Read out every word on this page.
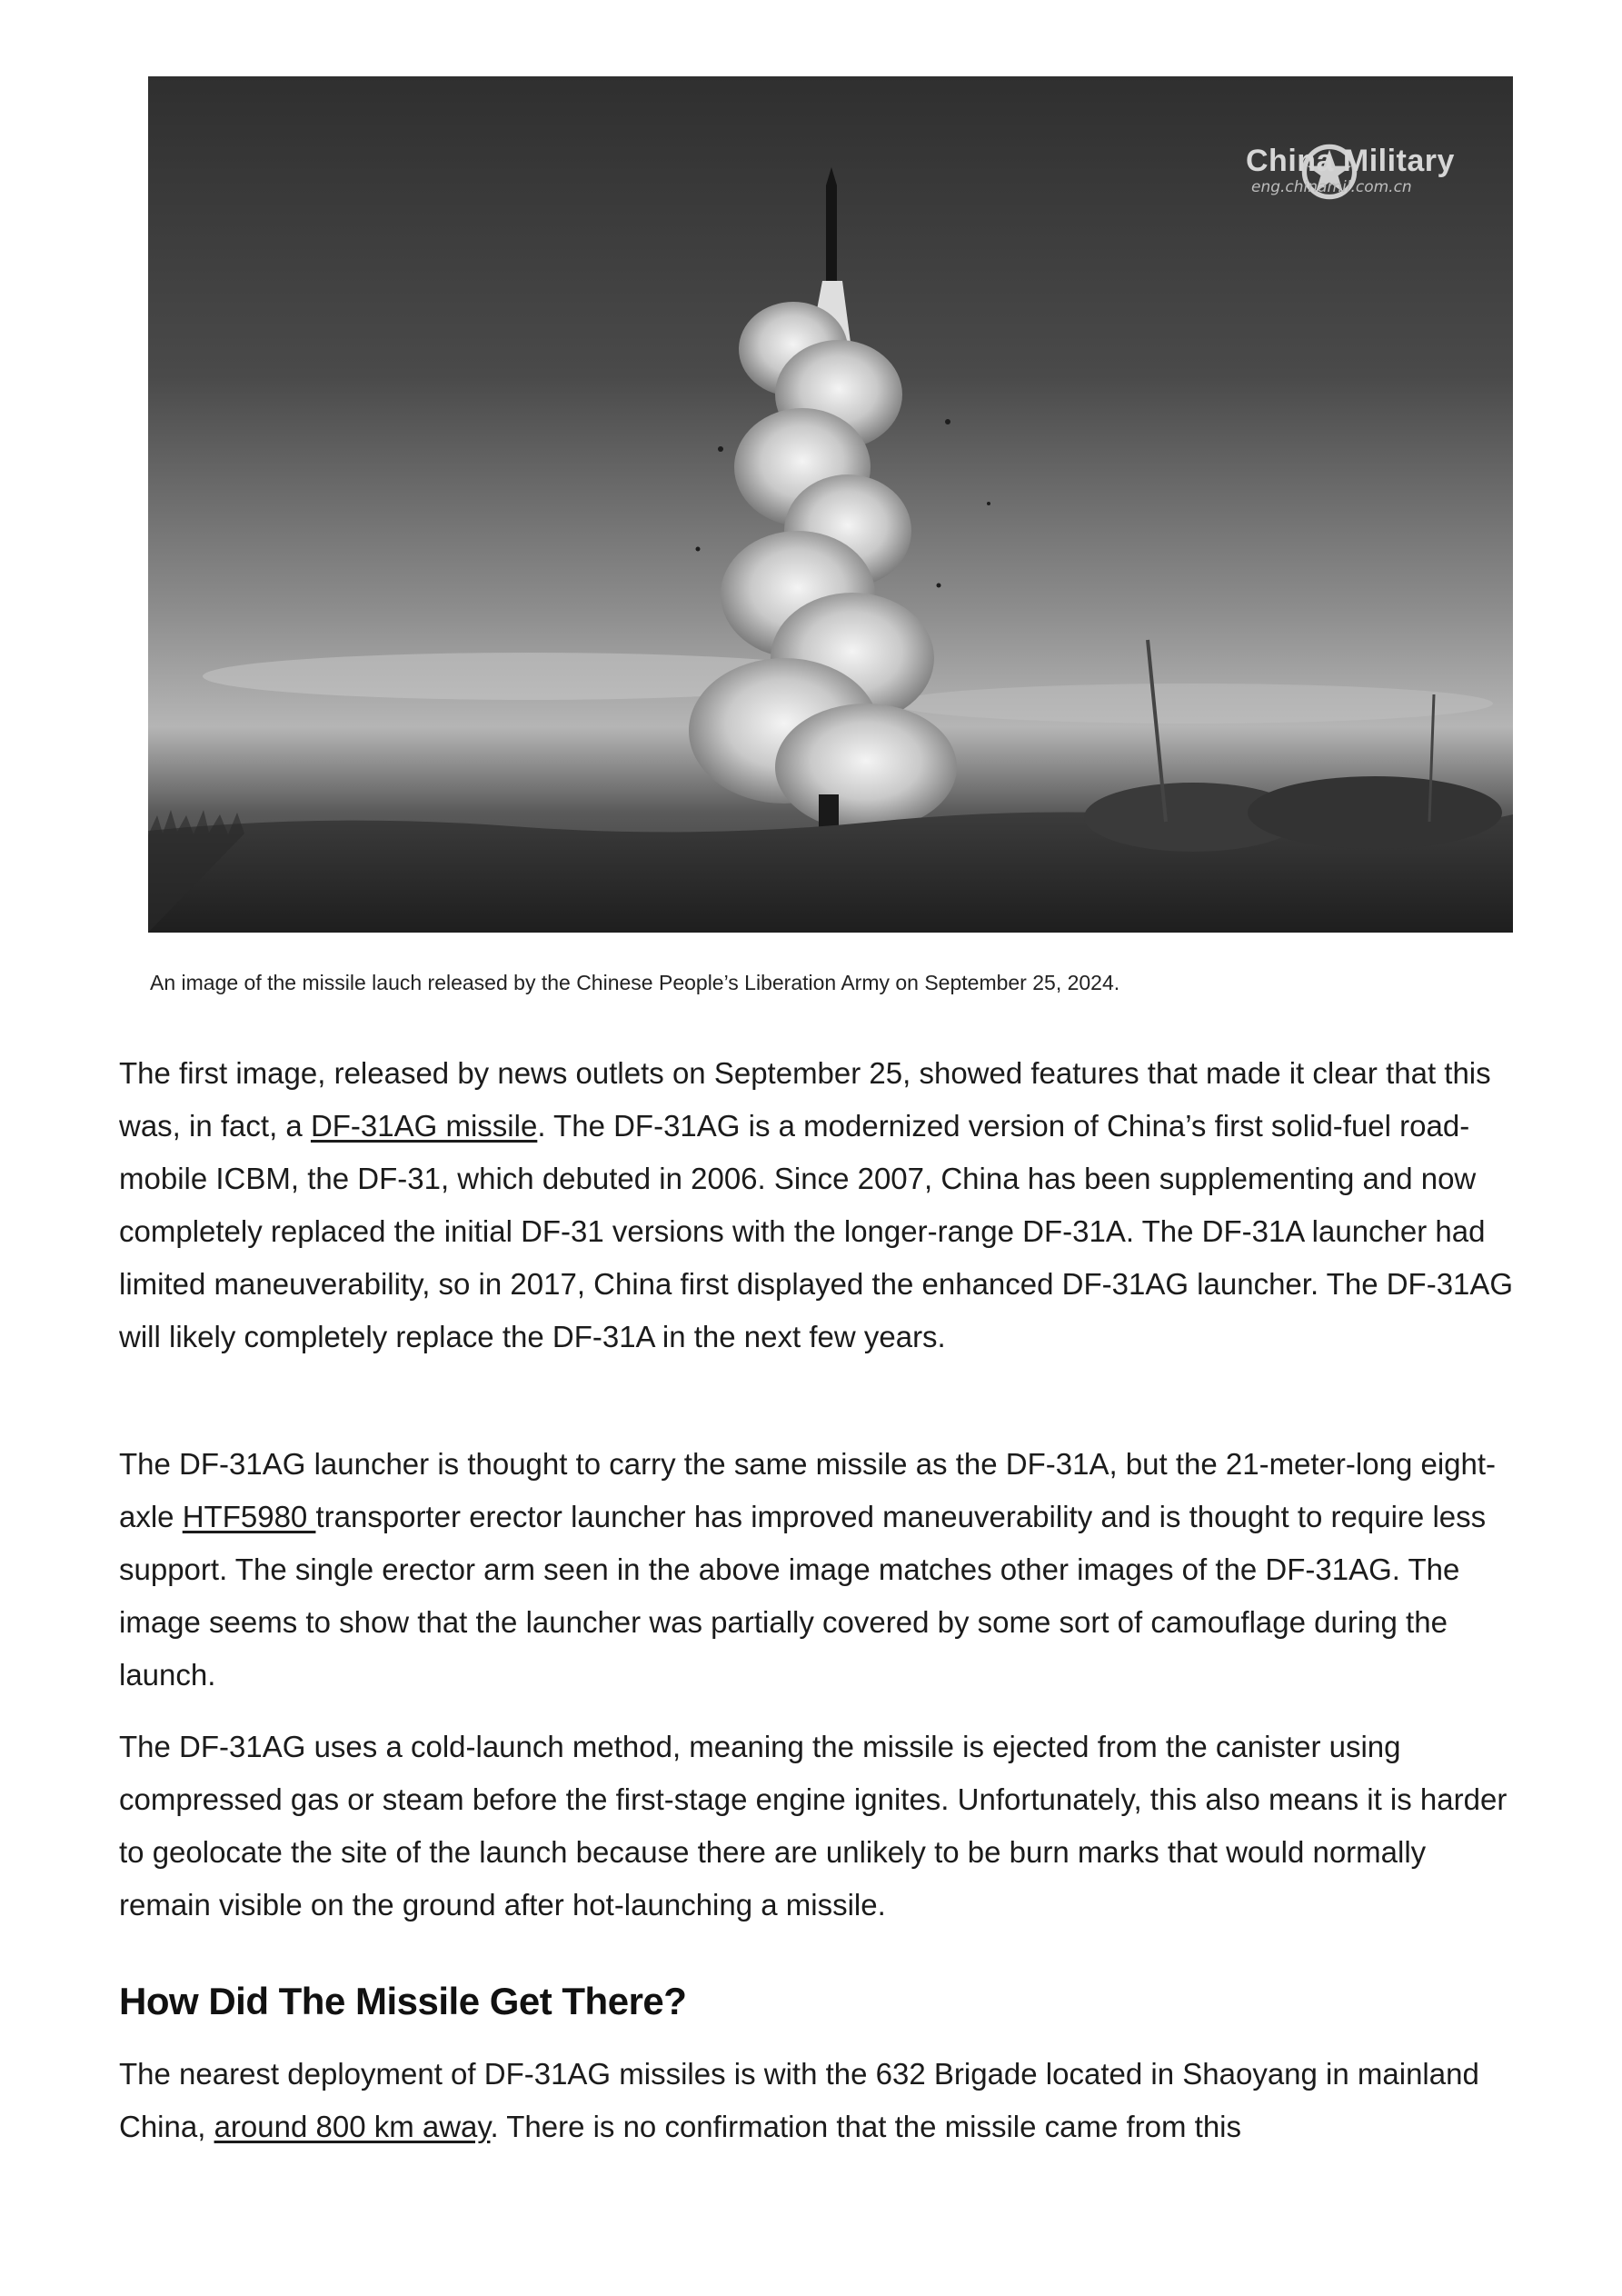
China Military
eng.chinamil.com.cn
An image of the missile lauch released by the Chinese People’s Liberation Army on September 25, 2024.

The first image, released by news outlets on September 25, showed features that made it clear that this was, in fact, a DF-31AG missile. The DF-31AG is a modernized version of China’s first solid-fuel road-mobile ICBM, the DF-31, which debuted in 2006. Since 2007, China has been supplementing and now completely replaced the initial DF-31 versions with the longer-range DF-31A. The DF-31A launcher had limited maneuverability, so in 2017, China first displayed the enhanced DF-31AG launcher. The DF-31AG will likely completely replace the DF-31A in the next few years.

The DF-31AG launcher is thought to carry the same missile as the DF-31A, but the 21-meter-long eight-axle HTF5980 transporter erector launcher has improved maneuverability and is thought to require less support. The single erector arm seen in the above image matches other images of the DF-31AG. The image seems to show that the launcher was partially covered by some sort of camouflage during the launch.

The DF-31AG uses a cold-launch method, meaning the missile is ejected from the canister using compressed gas or steam before the first-stage engine ignites. Unfortunately, this also means it is harder to geolocate the site of the launch because there are unlikely to be burn marks that would normally remain visible on the ground after hot-launching a missile.

How Did The Missile Get There?

The nearest deployment of DF-31AG missiles is with the 632 Brigade located in Shaoyang in mainland China, around 800 km away. There is no confirmation that the missile came from this
